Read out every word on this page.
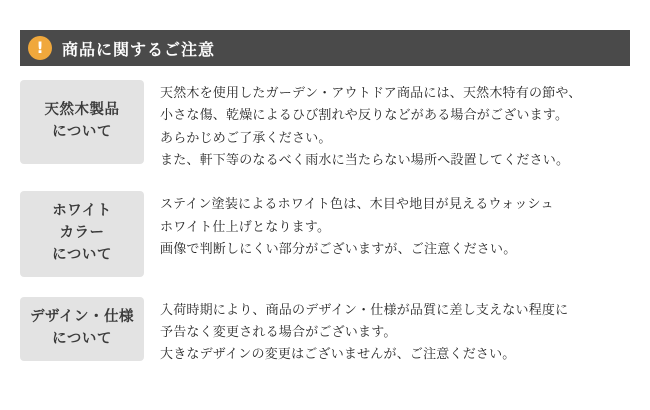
!	商品に関するご注意
天然木製品
について
天然木を使用したガーデン・アウトドア商品には、天然木特有の節や、
小さな傷、乾燥によるひび割れや反りなどがある場合がございます。
あらかじめご了承ください。
また、軒下等のなるべく雨水に当たらない場所へ設置してください。
ホワイト
カラー
について
ステイン塗装によるホワイト色は、木目や地目が見えるウォッシュ
ホワイト仕上げとなります。
画像で判断しにくい部分がございますが、ご注意ください。
デザイン・仕様
について
入荷時期により、商品のデザイン・仕様が品質に差し支えない程度に
予告なく変更される場合がございます。
大きなデザインの変更はございませんが、ご注意ください。
